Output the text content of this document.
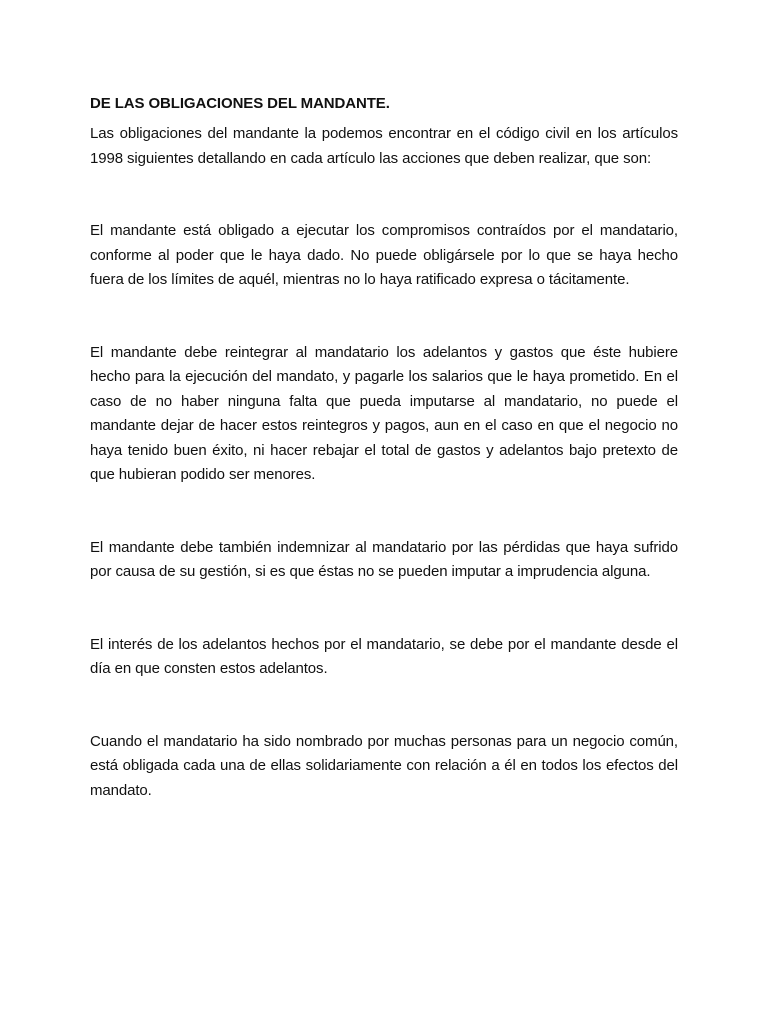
DE LAS OBLIGACIONES DEL MANDANTE.

Las obligaciones del mandante la podemos encontrar en el código civil en los artículos 1998 siguientes detallando en cada artículo las acciones que deben realizar, que son:

El mandante está obligado a ejecutar los compromisos contraídos por el mandatario, conforme al poder que le haya dado. No puede obligársele por lo que se haya hecho fuera de los límites de aquél, mientras no lo haya ratificado expresa o tácitamente.

El mandante debe reintegrar al mandatario los adelantos y gastos que éste hubiere hecho para la ejecución del mandato, y pagarle los salarios que le haya prometido. En el caso de no haber ninguna falta que pueda imputarse al mandatario, no puede el mandante dejar de hacer estos reintegros y pagos, aun en el caso en que el negocio no haya tenido buen éxito, ni hacer rebajar el total de gastos y adelantos bajo pretexto de que hubieran podido ser menores.

El mandante debe también indemnizar al mandatario por las pérdidas que haya sufrido por causa de su gestión, si es que éstas no se pueden imputar a imprudencia alguna.

El interés de los adelantos hechos por el mandatario, se debe por el mandante desde el día en que consten estos adelantos.

Cuando el mandatario ha sido nombrado por muchas personas para un negocio común, está obligada cada una de ellas solidariamente con relación a él en todos los efectos del mandato.
